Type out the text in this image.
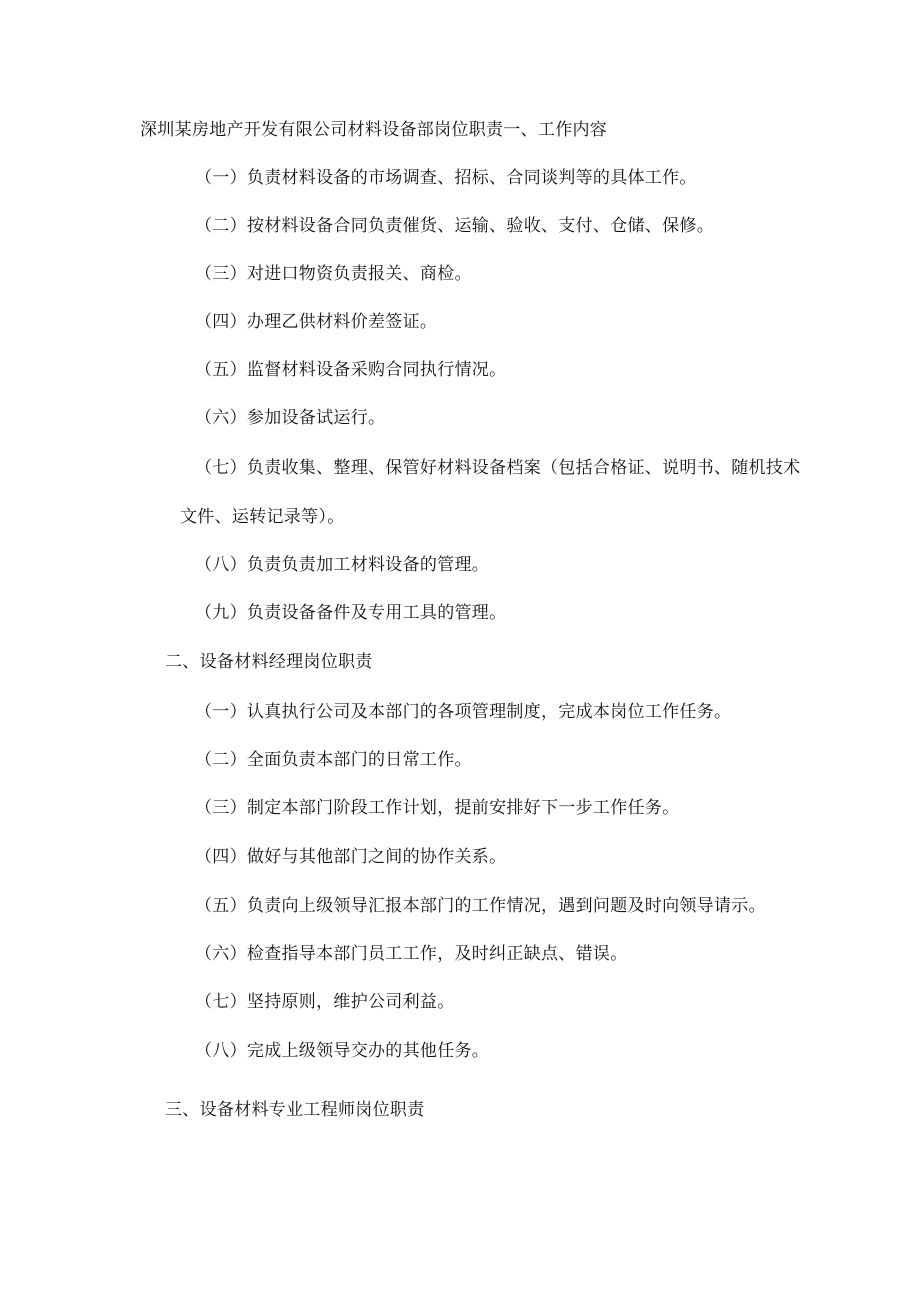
深圳某房地产开发有限公司材料设备部岗位职责一、工作内容
（一）负责材料设备的市场调查、招标、合同谈判等的具体工作。
（二）按材料设备合同负责催货、运输、验收、支付、仓储、保修。
（三）对进口物资负责报关、商检。
（四）办理乙供材料价差签证。
（五）监督材料设备采购合同执行情况。
（六）参加设备试运行。
（七）负责收集、整理、保管好材料设备档案（包括合格证、说明书、随机技术
文件、运转记录等）。
（八）负责负责加工材料设备的管理。
（九）负责设备备件及专用工具的管理。
二、设备材料经理岗位职责
（一）认真执行公司及本部门的各项管理制度，完成本岗位工作任务。
（二）全面负责本部门的日常工作。
（三）制定本部门阶段工作计划，提前安排好下一步工作任务。
（四）做好与其他部门之间的协作关系。
（五）负责向上级领导汇报本部门的工作情况，遇到问题及时向领导请示。
（六）检查指导本部门员工工作，及时纠正缺点、错误。
（七）坚持原则，维护公司利益。
（八）完成上级领导交办的其他任务。
三、设备材料专业工程师岗位职责
